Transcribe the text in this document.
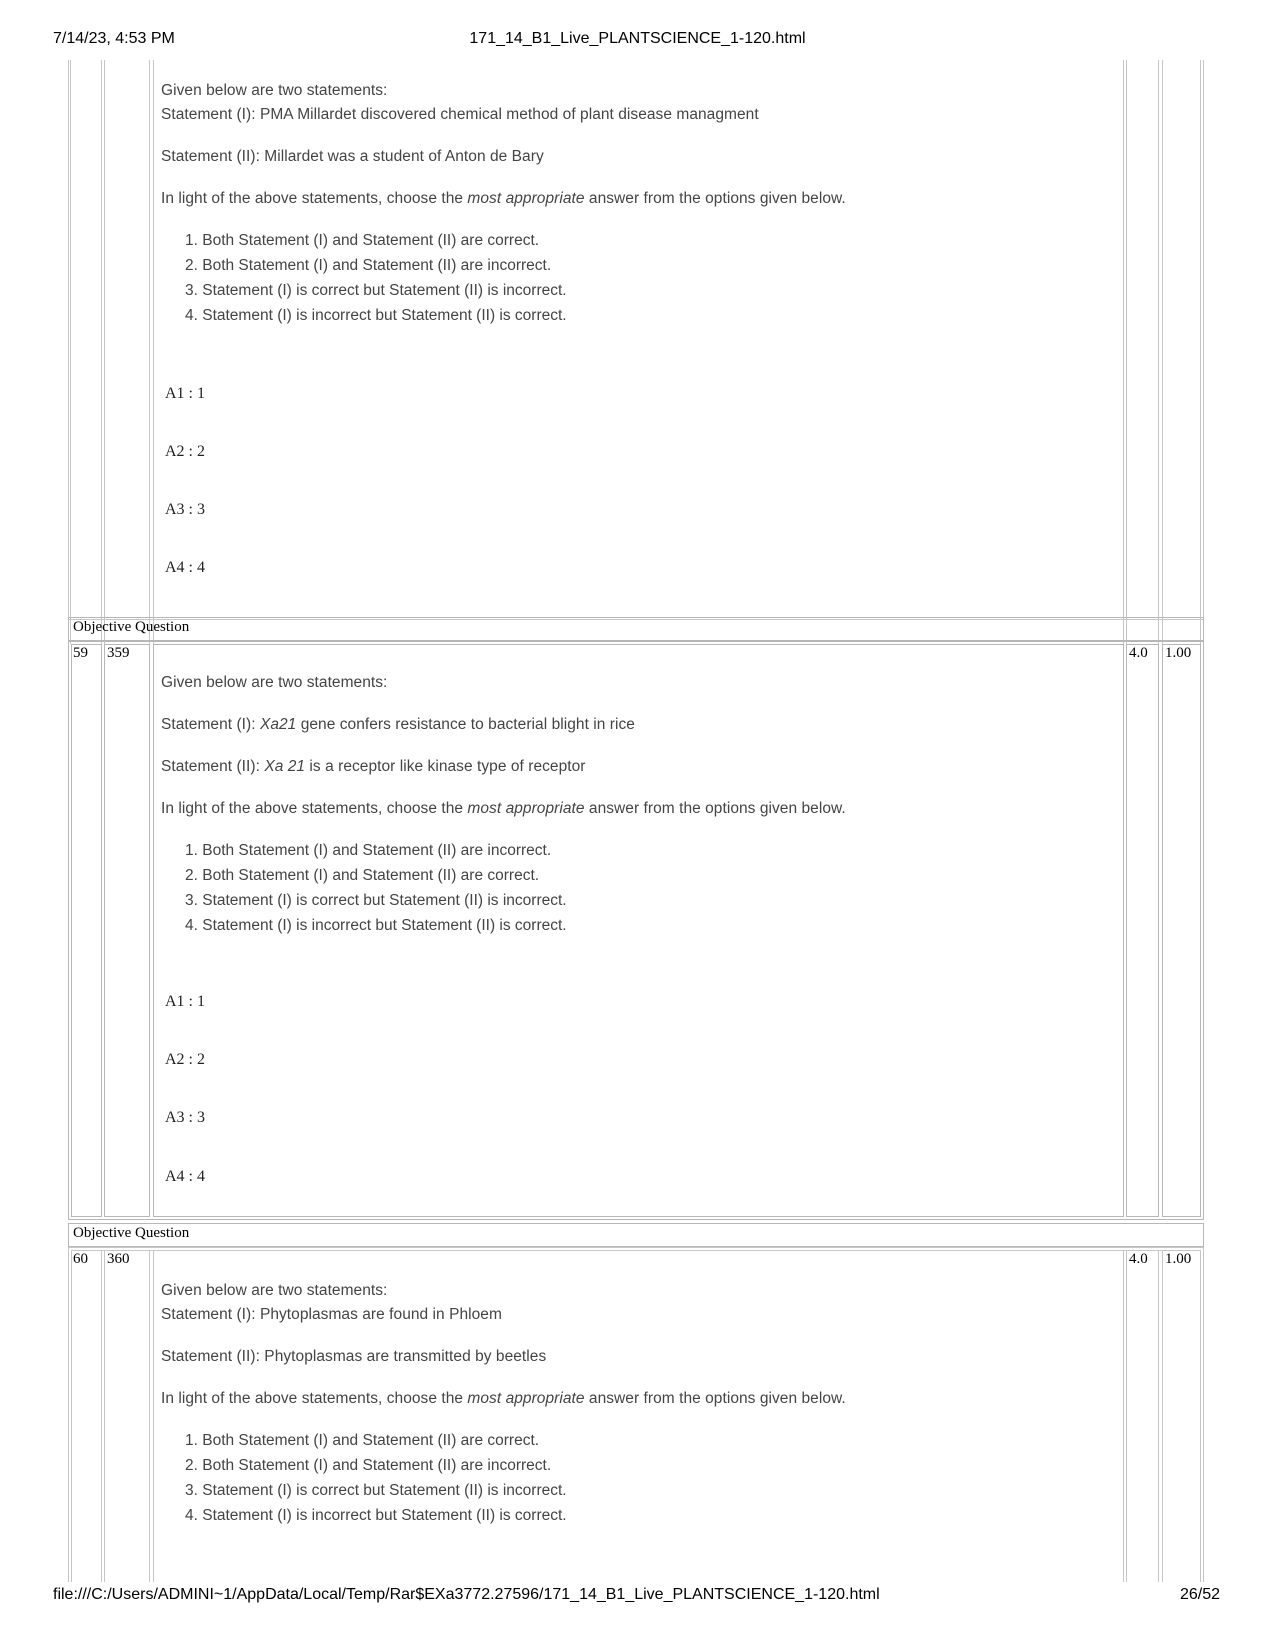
7/14/23, 4:53 PM	171_14_B1_Live_PLANTSCIENCE_1-120.html
file:///C:/Users/ADMINI~1/AppData/Local/Temp/Rar$EXa3772.27596/171_14_B1_Live_PLANTSCIENCE_1-120.html	26/52
Given below are two statements:
Statement (I): PMA Millardet discovered chemical method of plant disease managment
Statement (II): Millardet was a student of Anton de Bary
In light of the above statements, choose the most appropriate answer from the options given below.
1. Both Statement (I) and Statement (II) are correct.
2. Both Statement (I) and Statement (II) are incorrect.
3. Statement (I) is correct but Statement (II) is incorrect.
4. Statement (I) is incorrect but Statement (II) is correct.
A1 : 1
A2 : 2
A3 : 3
A4 : 4
Objective Question
59 359	4.0 1.00
Given below are two statements:
Statement (I): Xa21 gene confers resistance to bacterial blight in rice
Statement (II): Xa 21 is a receptor like kinase type of receptor
In light of the above statements, choose the most appropriate answer from the options given below.
1. Both Statement (I) and Statement (II) are incorrect.
2. Both Statement (I) and Statement (II) are correct.
3. Statement (I) is correct but Statement (II) is incorrect.
4. Statement (I) is incorrect but Statement (II) is correct.
A1 : 1
A2 : 2
A3 : 3
A4 : 4
Objective Question
60 360	4.0 1.00
Given below are two statements:
Statement (I): Phytoplasmas are found in Phloem
Statement (II): Phytoplasmas are transmitted by beetles
In light of the above statements, choose the most appropriate answer from the options given below.
1. Both Statement (I) and Statement (II) are correct.
2. Both Statement (I) and Statement (II) are incorrect.
3. Statement (I) is correct but Statement (II) is incorrect.
4. Statement (I) is incorrect but Statement (II) is correct.
